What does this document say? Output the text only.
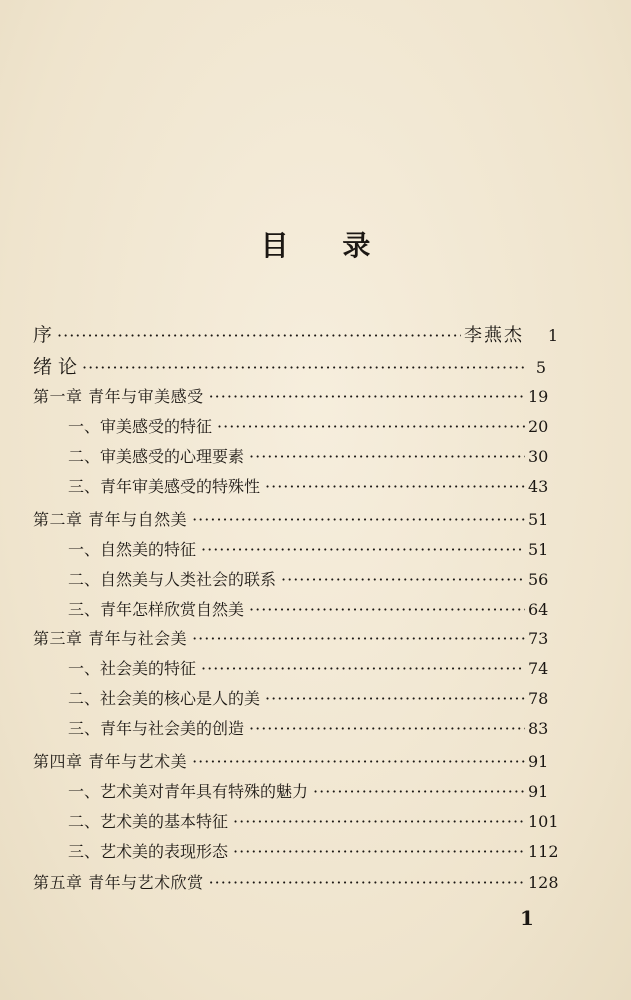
目 录
序 ·····	李燕杰	1
绪 论 ·····	5
第一章 青年与审美感受 ·····	19
一、审美感受的特征 ·····	20
二、审美感受的心理要素 ·····	30
三、青年审美感受的特殊性 ·····	43
第二章 青年与自然美 ·····	51
一、自然美的特征 ·····	51
二、自然美与人类社会的联系 ·····	56
三、青年怎样欣赏自然美 ·····	64
第三章 青年与社会美 ·····	73
一、社会美的特征 ·····	74
二、社会美的核心是人的美 ·····	78
三、青年与社会美的创造 ·····	83
第四章 青年与艺术美 ·····	91
一、艺术美对青年具有特殊的魅力 ·····	91
二、艺术美的基本特征 ·····	101
三、艺术美的表现形态 ·····	112
第五章 青年与艺术欣赏 ·····	128
1
